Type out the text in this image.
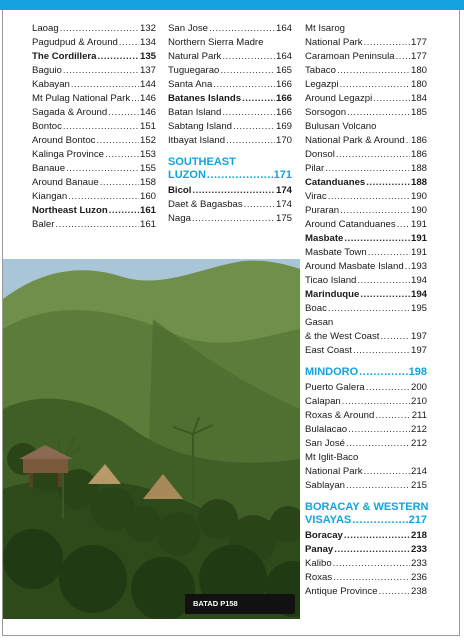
Laoag .....	132
Pagudpud & Around ..... 134
The Cordillera .....	135
Baguio .....	137
Kabayan .....	144
Mt Pulag National Park ..... 146
Sagada & Around .....	146
Bontoc .....	151
Around Bontoc .....	152
Kalinga Province .....	153
Banaue .....	155
Around Banaue .....	158
Kiangan .....	160
Northeast Luzon .....	161
Baler .....	161
San Jose .....	164
Northern Sierra Madre
Natural Park .....	164
Tuguegarao .....	165
Santa Ana .....	166
Batanes Islands .....	166
Batan Island .....	166
Sabtang Island .....	169
Itbayat Island .....	170
SOUTHEAST
LUZON .....	171
Bicol .....	174
Daet & Bagasbas .....	174
Naga .....	175
Mt Isarog
National Park .....	177
Caramoan Peninsula ..... 177
Tabaco .....	180
Legazpi .....	180
Around Legazpi .....	184
Sorsogon .....	185
Bulusan Volcano
National Park & Around ..... 186
Donsol .....	186
Pilar .....	188
Catanduanes .....	188
Virac .....	190
Puraran .....	190
Around Catanduanes ..... 191
Masbate .....	191
Masbate Town .....	191
Around Masbate Island ..... 193
Ticao Island .....	194
Marinduque .....	194
Boac .....	195
Gasan
& the West Coast .....	197
East Coast .....	197
MINDORO .....	198
Puerto Galera .....	200
Calapan .....	210
Roxas & Around .....	211
Bulalacao .....	212
San José .....	212
Mt Iglit-Baco
National Park .....	214
Sablayan .....	215
BORACAY & WESTERN
VISAYAS .....	217
Boracay .....	218
Panay .....	233
Kalibo .....	233
Roxas .....	236
Antique Province .....	238
BATAD P158
